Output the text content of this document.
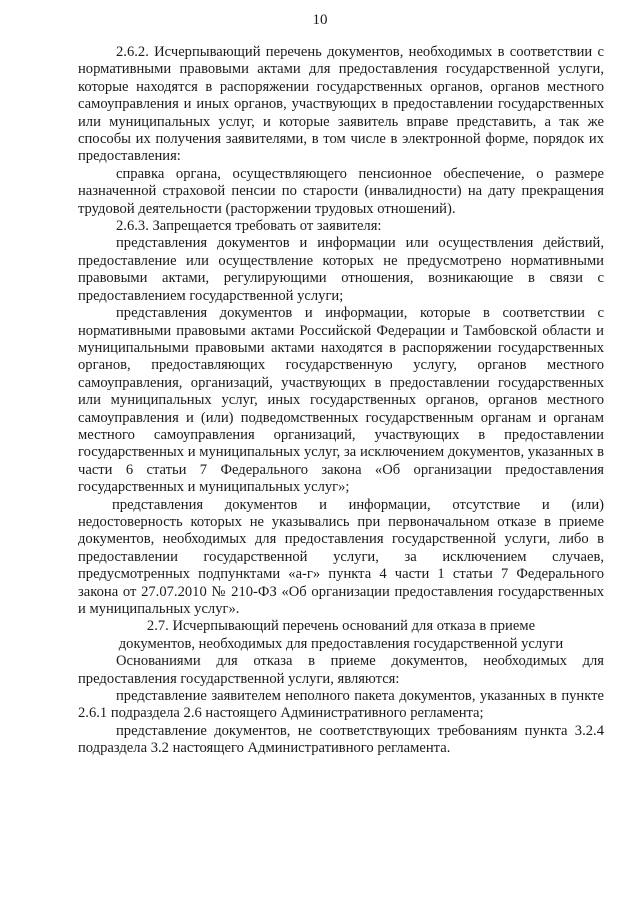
10

2.6.2. Исчерпывающий перечень документов, необходимых в соответствии с нормативными правовыми актами для предоставления государственной услуги, которые находятся в распоряжении государственных органов, органов местного самоуправления и иных органов, участвующих в предоставлении государственных или муниципальных услуг, и которые заявитель вправе представить, а так же способы их получения заявителями, в том числе в электронной форме, порядок их предоставления:

справка органа, осуществляющего пенсионное обеспечение, о размере назначенной страховой пенсии по старости (инвалидности) на дату прекращения трудовой деятельности (расторжении трудовых отношений).

2.6.3. Запрещается требовать от заявителя:

представления документов и информации или осуществления действий, предоставление или осуществление которых не предусмотрено нормативными правовыми актами, регулирующими отношения, возникающие в связи с предоставлением государственной услуги;

представления документов и информации, которые в соответствии с нормативными правовыми актами Российской Федерации и Тамбовской области и муниципальными правовыми актами находятся в распоряжении государственных органов, предоставляющих государственную услугу, органов местного самоуправления, организаций, участвующих в предоставлении государственных или муниципальных услуг, иных государственных органов, органов местного самоуправления и (или) подведомственных государственным органам и органам местного самоуправления организаций, участвующих в предоставлении государственных и муниципальных услуг, за исключением документов, указанных в части 6 статьи 7 Федерального закона «Об организации предоставления государственных и муниципальных услуг»;

представления документов и информации, отсутствие и (или) недостоверность которых не указывались при первоначальном отказе в приеме документов, необходимых для предоставления государственной услуги, либо в предоставлении государственной услуги, за исключением случаев, предусмотренных подпунктами «а-г» пункта 4 части 1 статьи 7 Федерального закона от 27.07.2010 № 210-ФЗ «Об организации предоставления государственных и муниципальных услуг».

2.7. Исчерпывающий перечень оснований для отказа в приеме
документов, необходимых для предоставления государственной услуги

Основаниями для отказа в приеме документов, необходимых для предоставления государственной услуги, являются:

представление заявителем неполного пакета документов, указанных в пункте 2.6.1 подраздела 2.6 настоящего Административного регламента;

представление документов, не соответствующих требованиям пункта 3.2.4 подраздела 3.2 настоящего Административного регламента.
